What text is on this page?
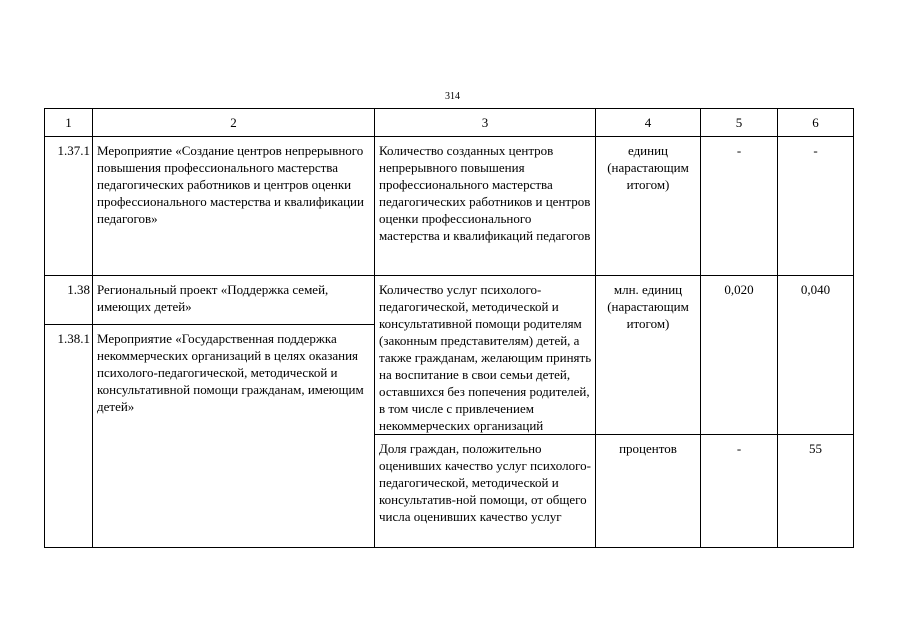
314
1	2	3	4	5	6
1.37.1	Мероприятие «Создание центров непрерывного повышения профессионального мастерства педагогических работников и центров оценки профессионального мастерства и квалификации педагогов»	Количество созданных центров непрерывного повышения профессионального мастерства педагогических работников и центров оценки профессионального мастерства и квалификаций педагогов	единиц (нарастающим итогом)	-	-
1.38	Региональный проект «Поддержка семей, имеющих детей»	Количество услуг психолого-педагогической, методической и консультативной помощи родителям (законным представителям) детей, а также гражданам, желающим принять на воспитание в свои семьи детей, оставшихся без попечения родителей, в том числе с привлечением некоммерческих организаций	млн. единиц (нарастающим итогом)	0,020	0,040
1.38.1	Мероприятие «Государственная поддержка некоммерческих организаций в целях оказания психолого-педагогической, методической и консультативной помощи гражданам, имеющим детей»				
		Доля граждан, положительно оценивших качество услуг психолого-педагогической, методической и консультатив-ной помощи, от общего числа оценивших качество услуг	процентов	-	55
